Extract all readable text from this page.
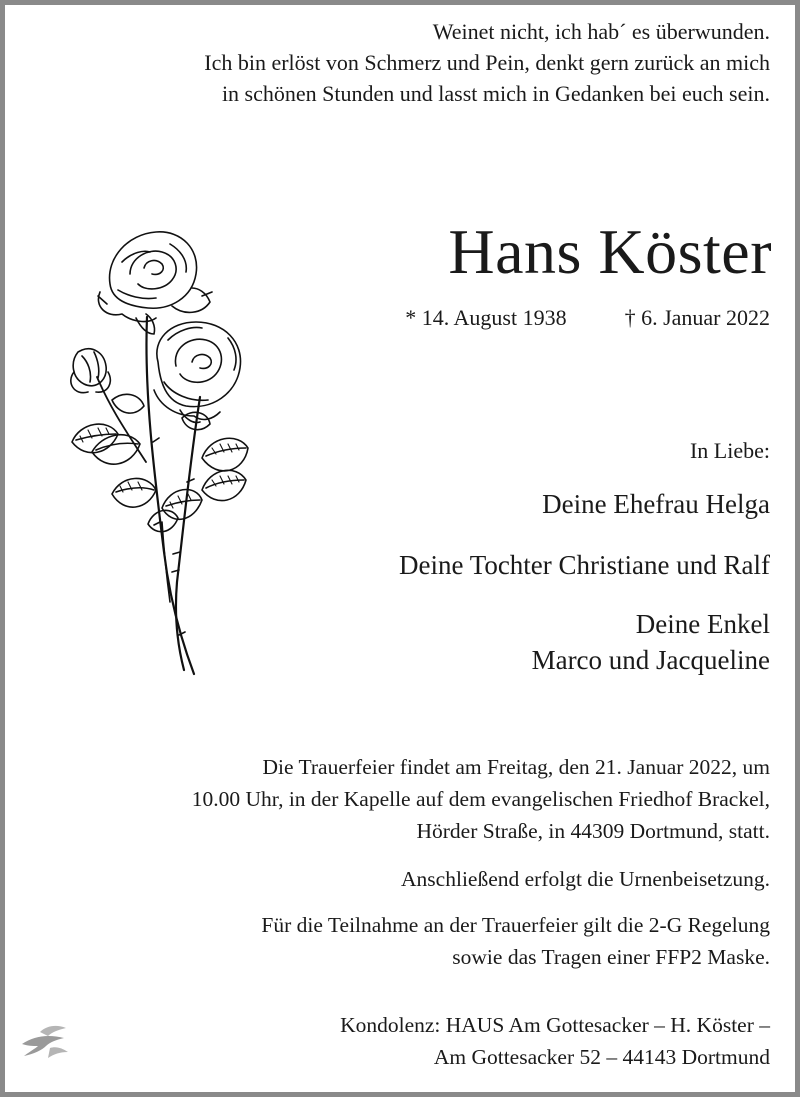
Weinet nicht, ich hab´ es überwunden.
Ich bin erlöst von Schmerz und Pein, denkt gern zurück an mich
in schönen Stunden und lasst mich in Gedanken bei euch sein.
Hans Köster
* 14. August 1938	† 6. Januar 2022
In Liebe:
Deine Ehefrau Helga
Deine Tochter Christiane und Ralf
Deine Enkel
Marco und Jacqueline
Die Trauerfeier findet am Freitag, den 21. Januar 2022, um
10.00 Uhr, in der Kapelle auf dem evangelischen Friedhof Brackel,
Hörder Straße, in 44309 Dortmund, statt.
Anschließend erfolgt die Urnenbeisetzung.
Für die Teilnahme an der Trauerfeier gilt die 2-G Regelung
sowie das Tragen einer FFP2 Maske.
Kondolenz: HAUS Am Gottesacker – H. Köster –
Am Gottesacker 52 – 44143 Dortmund
